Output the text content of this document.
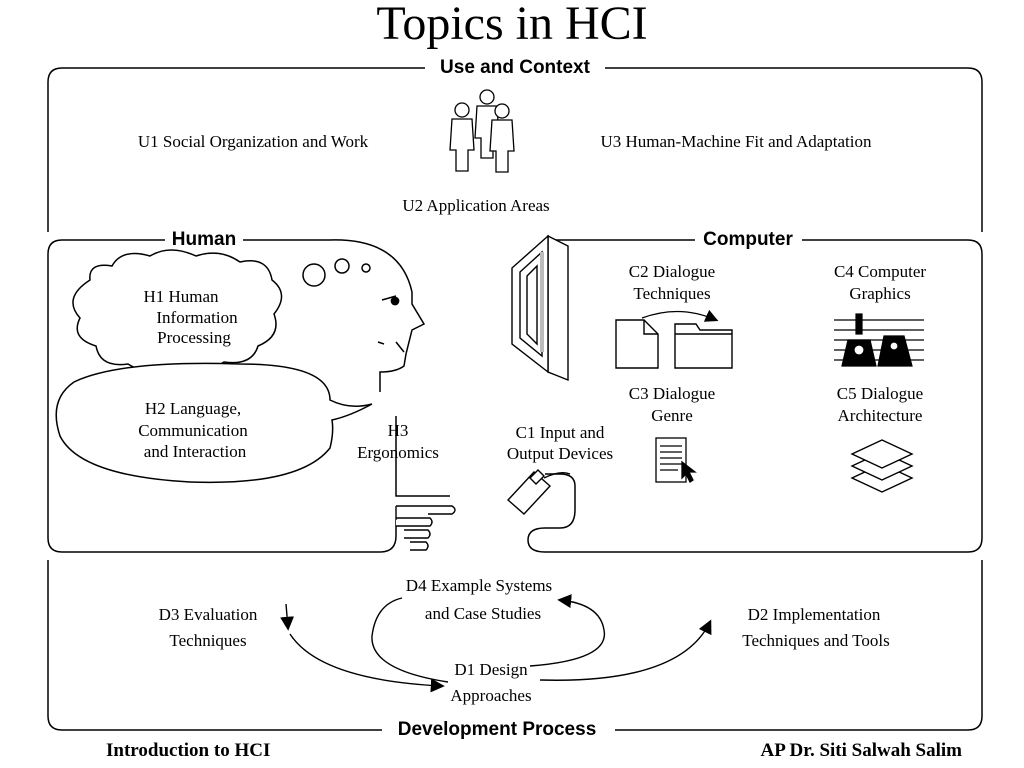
Topics in HCI
Use and Context
U1 Social Organization and Work
U2 Application Areas
U3 Human-Machine Fit and Adaptation
Human
H1 Human
Information
Processing
H2 Language,
Communication
and Interaction
H3
Ergonomics
Computer
C1 Input and
Output Devices
C2 Dialogue
Techniques
C3 Dialogue
Genre
C4 Computer
Graphics
C5 Dialogue
Architecture
Development Process
D4 Example Systems
and Case Studies
D3 Evaluation
Techniques
D2 Implementation
Techniques and Tools
D1 Design
Approaches
Introduction to HCI	AP Dr. Siti Salwah Salim
